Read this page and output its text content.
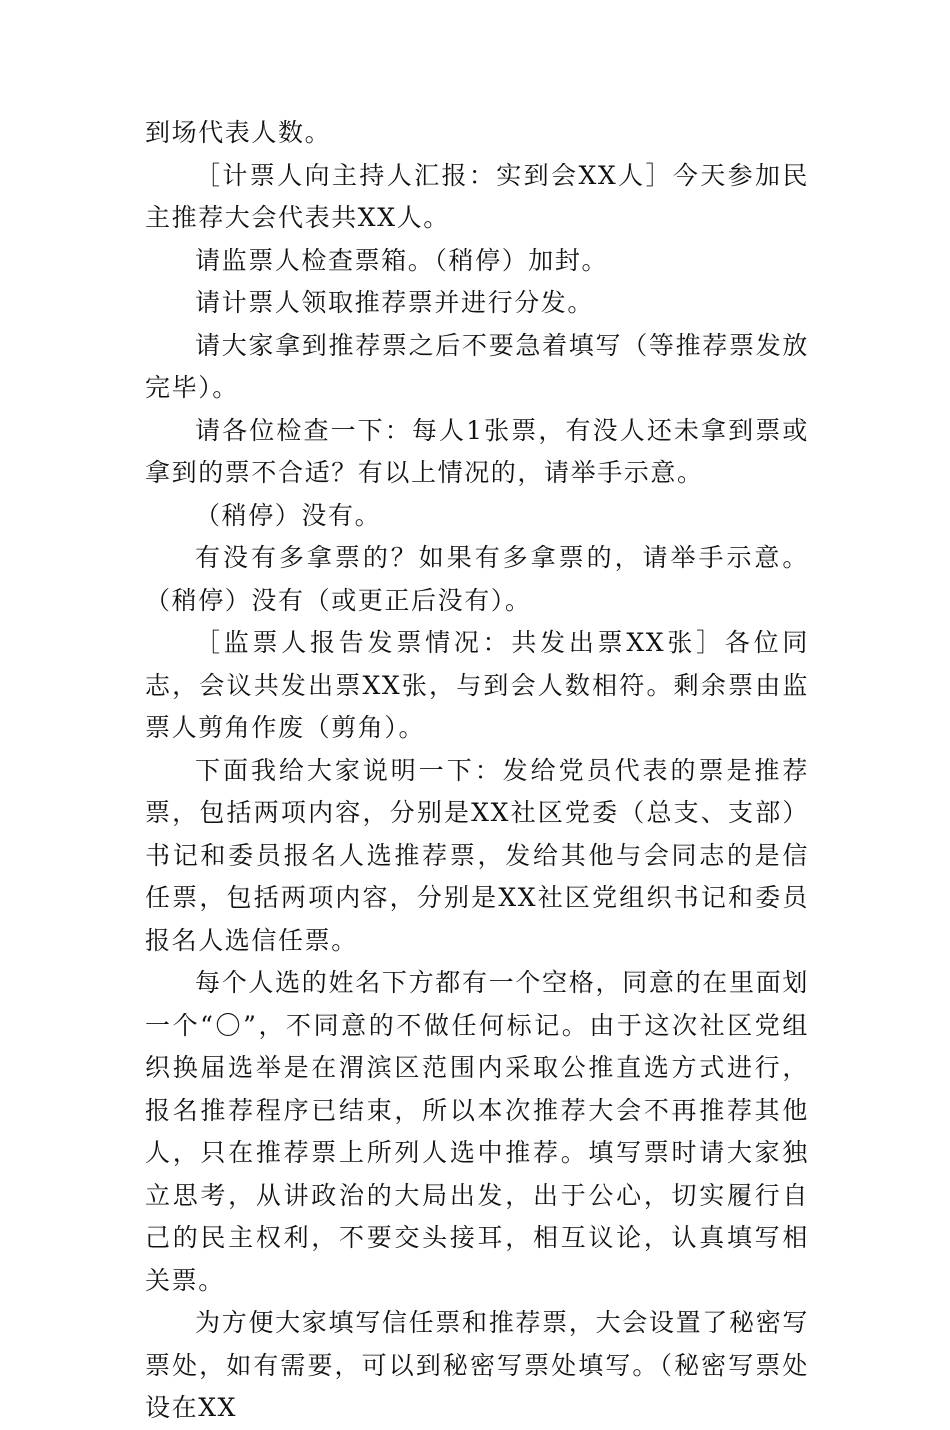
到场代表人数。

［计票人向主持人汇报：实到会XX人］今天参加民主推荐大会代表共XX人。

请监票人检查票箱。（稍停）加封。

请计票人领取推荐票并进行分发。

请大家拿到推荐票之后不要急着填写（等推荐票发放完毕）。

请各位检查一下：每人1张票，有没人还未拿到票或拿到的票不合适？有以上情况的，请举手示意。

（稍停）没有。

有没有多拿票的？如果有多拿票的，请举手示意。（稍停）没有（或更正后没有）。

［监票人报告发票情况：共发出票XX张］各位同志，会议共发出票XX张，与到会人数相符。剩余票由监票人剪角作废（剪角）。

下面我给大家说明一下：发给党员代表的票是推荐票，包括两项内容，分别是XX社区党委（总支、支部）书记和委员报名人选推荐票，发给其他与会同志的是信任票，包括两项内容，分别是XX社区党组织书记和委员报名人选信任票。

每个人选的姓名下方都有一个空格，同意的在里面划一个“〇”，不同意的不做任何标记。由于这次社区党组织换届选举是在渭滨区范围内采取公推直选方式进行，报名推荐程序已结束，所以本次推荐大会不再推荐其他人，只在推荐票上所列人选中推荐。填写票时请大家独立思考，从讲政治的大局出发，出于公心，切实履行自己的民主权利，不要交头接耳，相互议论，认真填写相关票。

为方便大家填写信任票和推荐票，大会设置了秘密写票处，如有需要，可以到秘密写票处填写。（秘密写票处设在XX
